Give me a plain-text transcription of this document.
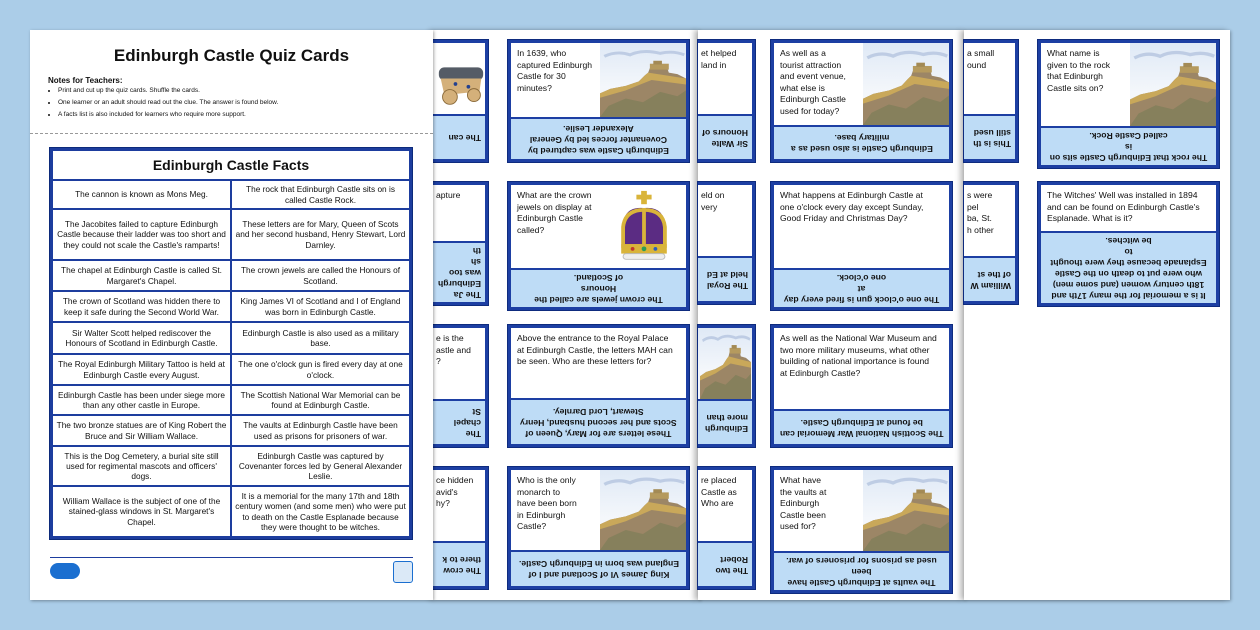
Edinburgh Castle Quiz Cards
Notes for Teachers:
• Print and cut up the quiz cards. Shuffle the cards.
• One learner or an adult should read out the clue. The answer is found below.
• A facts list is also included for learners who require more support.
Edinburgh Castle Facts
The cannon is known as Mons Meg.
The rock that Edinburgh Castle sits on is called Castle Rock.
The Jacobites failed to capture Edinburgh Castle because their ladder was too short and they could not scale the Castle's ramparts!
These letters are for Mary, Queen of Scots and her second husband, Henry Stewart, Lord Darnley.
The chapel at Edinburgh Castle is called St. Margaret's Chapel.
The crown jewels are called the Honours of Scotland.
The crown of Scotland was hidden there to keep it safe during the Second World War.
King James VI of Scotland and I of England was born in Edinburgh Castle.
Sir Walter Scott helped rediscover the Honours of Scotland in Edinburgh Castle.
Edinburgh Castle is also used as a military base.
The Royal Edinburgh Military Tattoo is held at Edinburgh Castle every August.
The one o'clock gun is fired every day at one o'clock.
Edinburgh Castle has been under siege more than any other castle in Europe.
The Scottish National War Memorial can be found at Edinburgh Castle.
The two bronze statues are of King Robert the Bruce and Sir William Wallace.
The vaults at Edinburgh Castle have been used as prisons for prisoners of war.
This is the Dog Cemetery, a burial site still used for regimental mascots and officers' dogs.
Edinburgh Castle was captured by Covenanter forces led by General Alexander Leslie.
William Wallace is the subject of one of the stained-glass windows in St. Margaret's Chapel.
It is a memorial for the many 17th and 18th century women (and some men) who were put to death on the Castle Esplanade because they were thought to be witches.
The can
apture
The Ja
Edinburgh
was too sh
th
e is the
astle and
?
The chapel
St
ce hidden
avid's
hy?
The crow
there to k
In 1639, who
captured Edinburgh
Castle for 30
minutes?
Edinburgh Castle was captured by
Covenanter forces led by General
Alexander Leslie.
What are the crown
jewels on display at
Edinburgh Castle
called?
The crown jewels are called the Honours
of Scotland.
Above the entrance to the Royal Palace
at Edinburgh Castle, the letters MAH can
be seen. Who are these letters for?
These letters are for Mary, Queen of
Scots and her second husband, Henry
Stewart, Lord Darnley.
Who is the only
monarch to
have been born
in Edinburgh
Castle?
King James VI of Scotland and I of
England was born in Edinburgh Castle.
et helped
land in
Sir Walte
Honours of
eld on
very
The Royal
held at Ed
Edinburgh
more than
re placed
Castle as
Who are
The two
Robert
As well as a
tourist attraction
and event venue,
what else is
Edinburgh Castle
used for today?
Edinburgh Castle is also used as a
military base.
What happens at Edinburgh Castle at
one o'clock every day except Sunday,
Good Friday and Christmas Day?
The one o'clock gun is fired every day at
one o'clock.
As well as the National War Museum and
two more military museums, what other
building of national importance is found
at Edinburgh Castle?
The Scottish National War Memorial can
be found at Edinburgh Castle.
What have
the vaults at
Edinburgh
Castle been
used for?
The vaults at Edinburgh Castle have been
used as prisons for prisoners of war.
a small
ound
This is th
still used
s were
pel
ba, St.
h other
William W
of the st
What name is
given to the rock
that Edinburgh
Castle sits on?
The rock that Edinburgh Castle sits on is
called Castle Rock.
The Witches' Well was installed in 1894
and can be found on Edinburgh Castle's
Esplanade. What is it?
It is a memorial for the many 17th and
18th century women (and some men)
who were put to death on the Castle
Esplanade because they were thought to
be witches.
